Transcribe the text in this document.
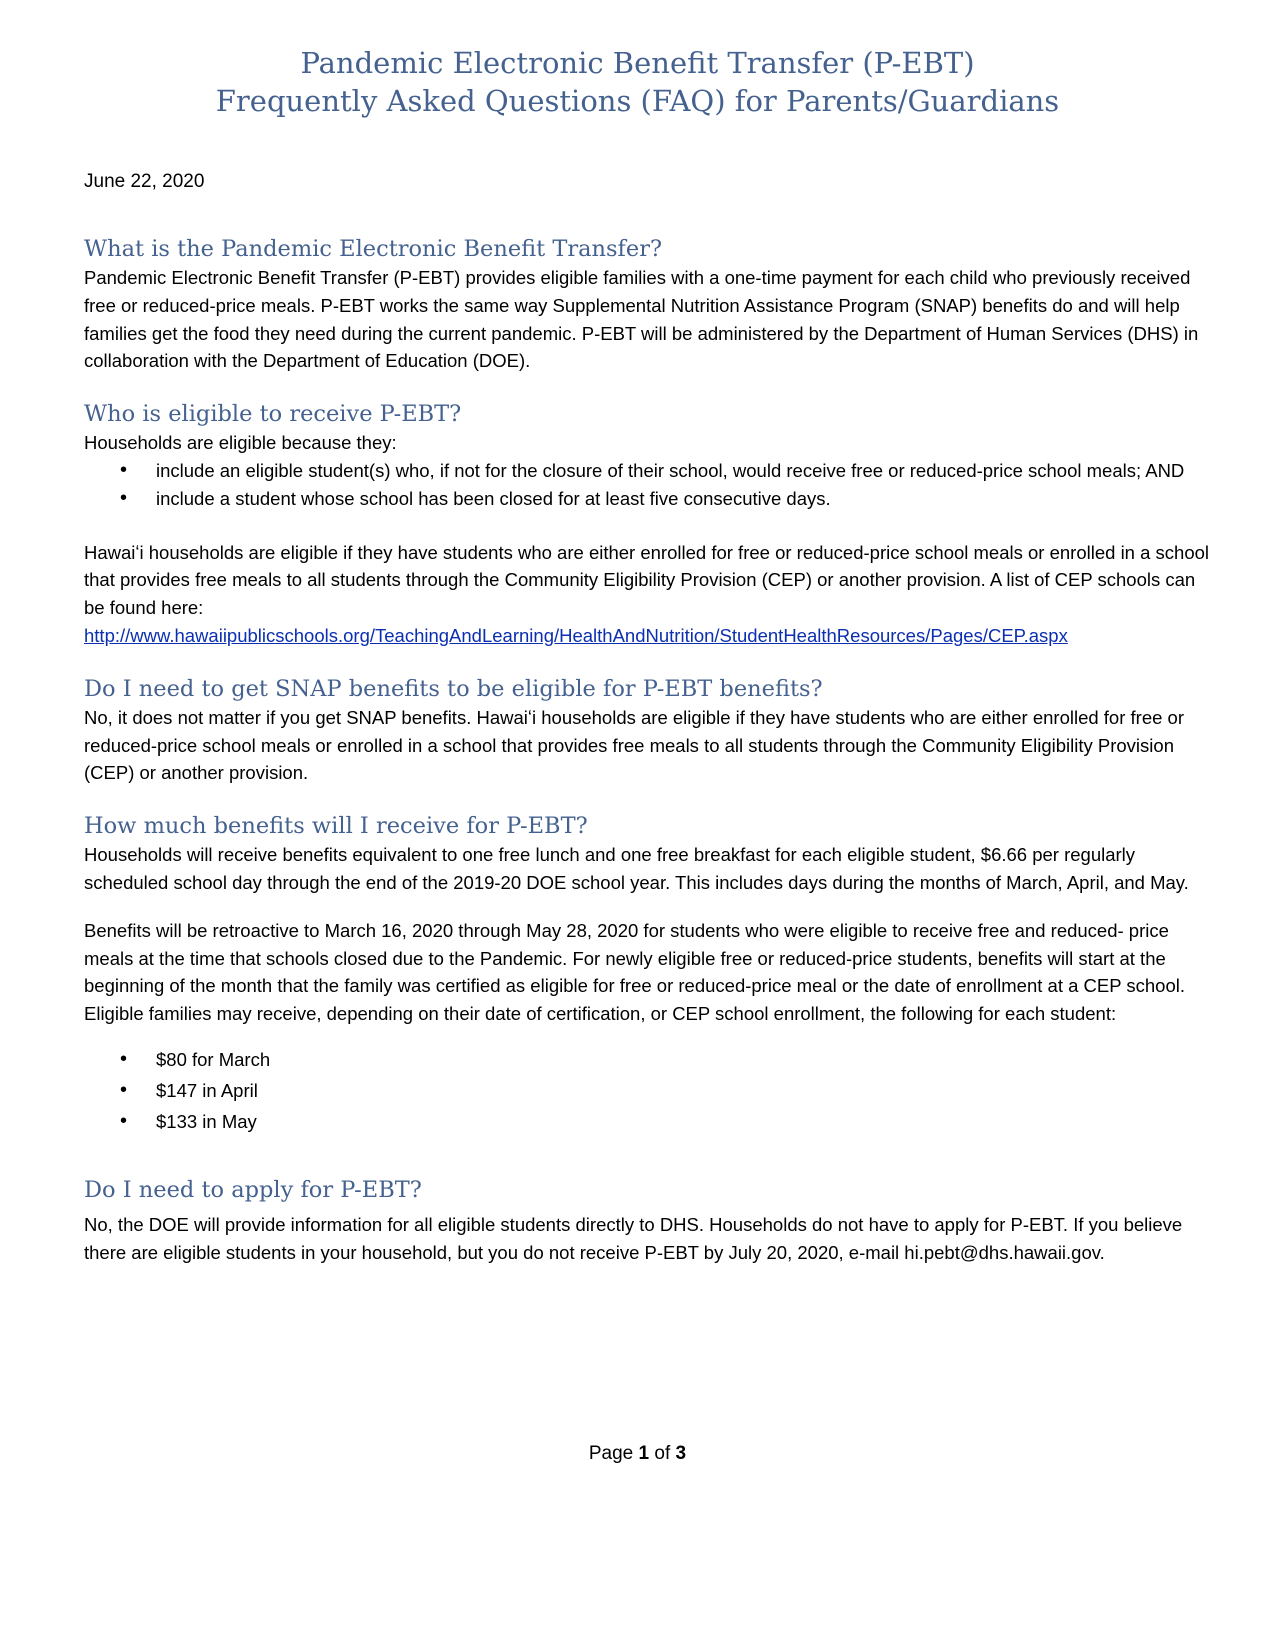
Pandemic Electronic Benefit Transfer (P-EBT)
Frequently Asked Questions (FAQ) for Parents/Guardians

June 22, 2020

What is the Pandemic Electronic Benefit Transfer?

Pandemic Electronic Benefit Transfer (P-EBT) provides eligible families with a one-time payment for each child who previously received free or reduced-price meals. P-EBT works the same way Supplemental Nutrition Assistance Program (SNAP) benefits do and will help families get the food they need during the current pandemic. P-EBT will be administered by the Department of Human Services (DHS) in collaboration with the Department of Education (DOE).

Who is eligible to receive P-EBT?

Households are eligible because they:

• include an eligible student(s) who, if not for the closure of their school, would receive free or reduced-price school meals; AND
• include a student whose school has been closed for at least five consecutive days.

Hawaiʻi households are eligible if they have students who are either enrolled for free or reduced-price school meals or enrolled in a school that provides free meals to all students through the Community Eligibility Provision (CEP) or another provision. A list of CEP schools can be found here:

http://www.hawaiipublicschools.org/TeachingAndLearning/HealthAndNutrition/StudentHealthResources/Pages/CEP.aspx

Do I need to get SNAP benefits to be eligible for P-EBT benefits?

No, it does not matter if you get SNAP benefits. Hawaiʻi households are eligible if they have students who are either enrolled for free or reduced-price school meals or enrolled in a school that provides free meals to all students through the Community Eligibility Provision (CEP) or another provision.

How much benefits will I receive for P-EBT?

Households will receive benefits equivalent to one free lunch and one free breakfast for each eligible student, $6.66 per regularly scheduled school day through the end of the 2019-20 DOE school year. This includes days during the months of March, April, and May.

Benefits will be retroactive to March 16, 2020 through May 28, 2020 for students who were eligible to receive free and reduced- price meals at the time that schools closed due to the Pandemic. For newly eligible free or reduced-price students, benefits will start at the beginning of the month that the family was certified as eligible for free or reduced-price meal or the date of enrollment at a CEP school. Eligible families may receive, depending on their date of certification, or CEP school enrollment, the following for each student:

• $80 for March
• $147 in April
• $133 in May
Do I need to apply for P-EBT?

No, the DOE will provide information for all eligible students directly to DHS. Households do not have to apply for P-EBT. If you believe there are eligible students in your household, but you do not receive P-EBT by July 20, 2020, e-mail hi.pebt@dhs.hawaii.gov.

Page 1 of 3
